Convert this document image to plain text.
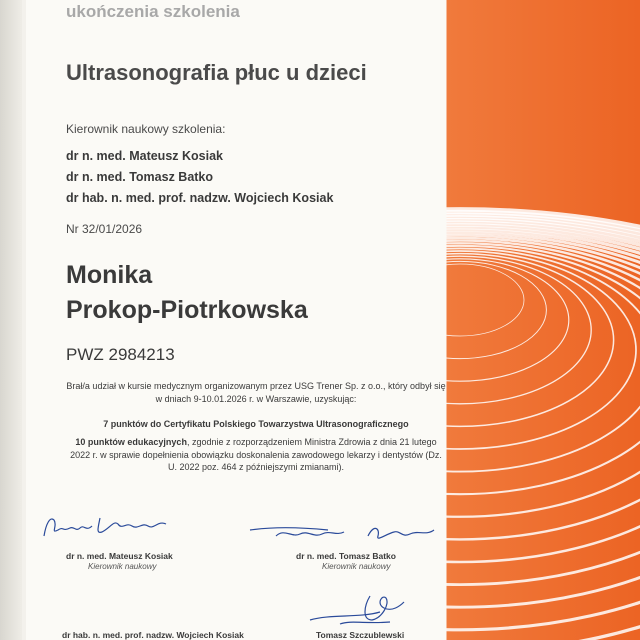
ukończenia szkolenia
Ultrasonografia płuc u dzieci
Kierownik naukowy szkolenia:
dr n. med. Mateusz Kosiak
dr n. med. Tomasz Batko
dr hab. n. med. prof. nadzw. Wojciech Kosiak
Nr 32/01/2026
Monika
Prokop-Piotrkowska
PWZ 2984213
Brał/a udział w kursie medycznym organizowanym przez USG Trener Sp. z o.o., który odbył się w dniach 9-10.01.2026 r. w Warszawie, uzyskując:
7 punktów do Certyfikatu Polskiego Towarzystwa Ultrasonograficznego
10 punktów edukacyjnych, zgodnie z rozporządzeniem Ministra Zdrowia z dnia 21 lutego 2022 r. w sprawie dopełnienia obowiązku doskonalenia zawodowego lekarzy i dentystów (Dz. U. 2022 poz. 464 z późniejszymi zmianami).
dr n. med. Mateusz Kosiak
Kierownik naukowy
dr n. med. Tomasz Batko
Kierownik naukowy
dr hab. n. med. prof. nadzw. Wojciech Kosiak	Tomasz Szczublewski
